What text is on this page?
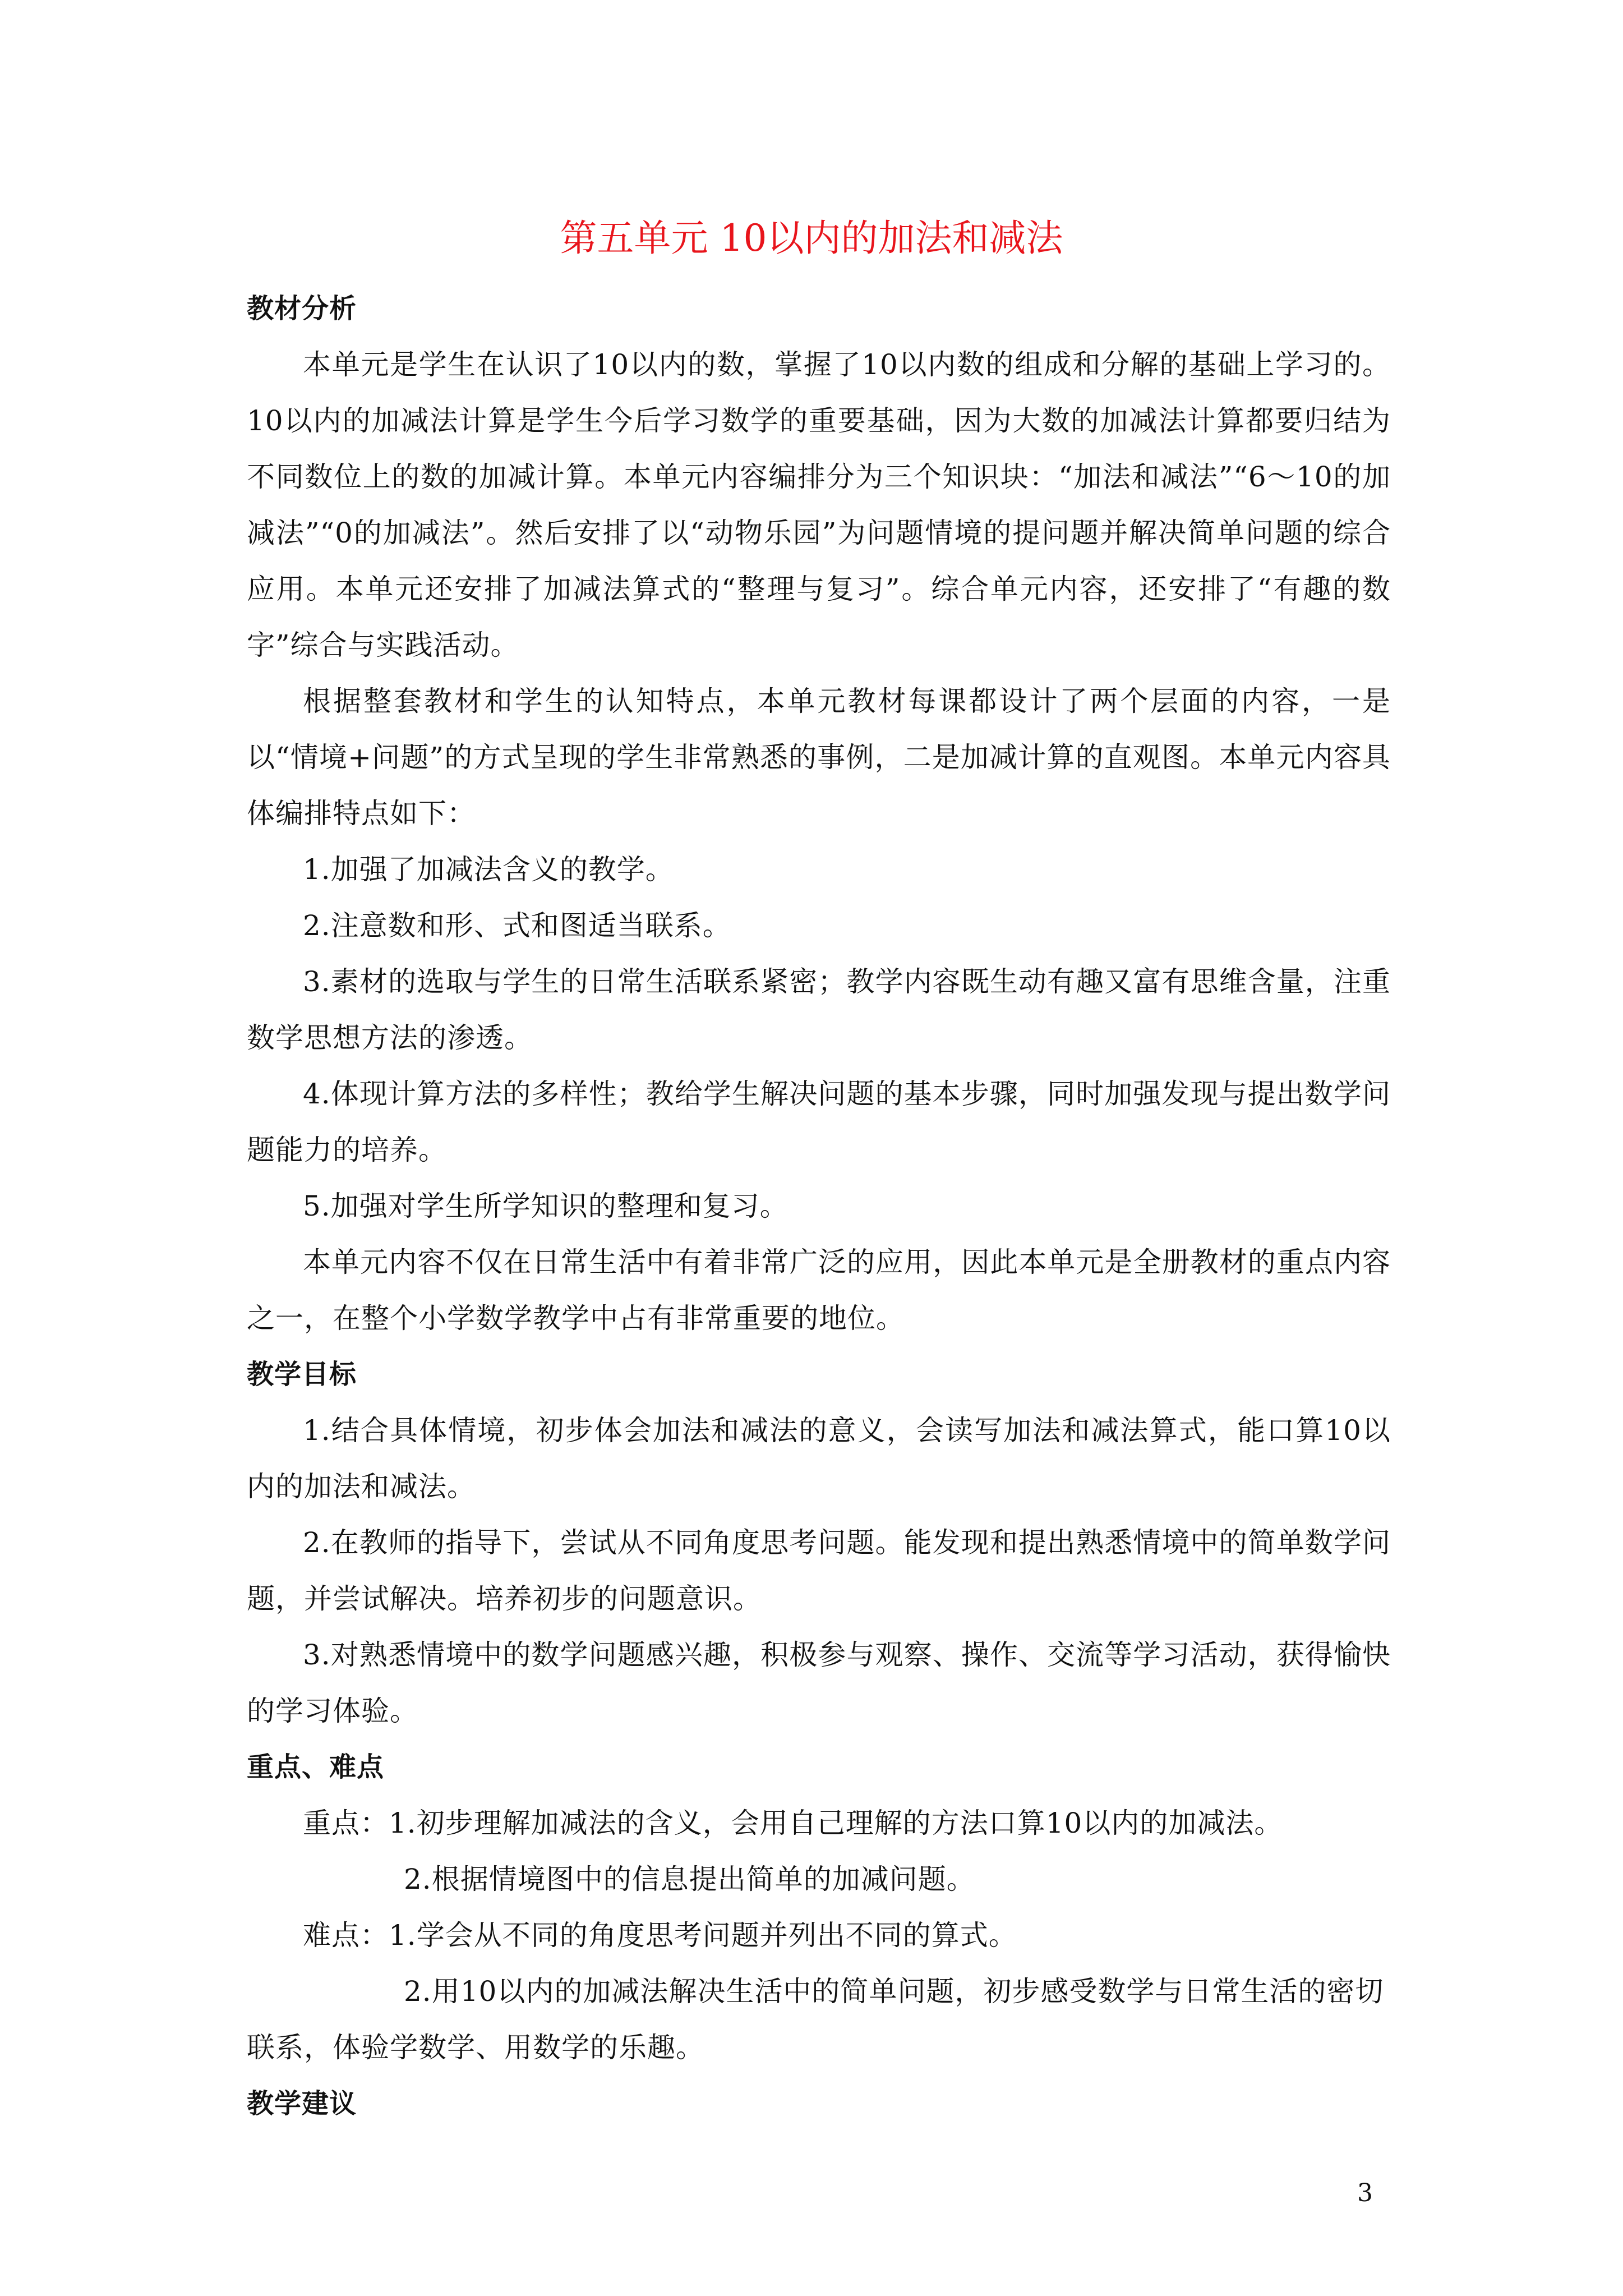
第五单元 10以内的加法和减法
教材分析
本单元是学生在认识了10以内的数，掌握了10以内数的组成和分解的基础上学习的。10以内的加减法计算是学生今后学习数学的重要基础，因为大数的加减法计算都要归结为不同数位上的数的加减计算。本单元内容编排分为三个知识块：“加法和减法”“6～10的加减法”“0的加减法”。然后安排了以“动物乐园”为问题情境的提问题并解决简单问题的综合应用。本单元还安排了加减法算式的“整理与复习”。综合单元内容，还安排了“有趣的数字”综合与实践活动。
根据整套教材和学生的认知特点，本单元教材每课都设计了两个层面的内容，一是以“情境+问题”的方式呈现的学生非常熟悉的事例，二是加减计算的直观图。本单元内容具体编排特点如下：
1.加强了加减法含义的教学。
2.注意数和形、式和图适当联系。
3.素材的选取与学生的日常生活联系紧密；教学内容既生动有趣又富有思维含量，注重数学思想方法的渗透。
4.体现计算方法的多样性；教给学生解决问题的基本步骤，同时加强发现与提出数学问题能力的培养。
5.加强对学生所学知识的整理和复习。
本单元内容不仅在日常生活中有着非常广泛的应用，因此本单元是全册教材的重点内容之一，在整个小学数学教学中占有非常重要的地位。
教学目标
1.结合具体情境，初步体会加法和减法的意义，会读写加法和减法算式，能口算10以内的加法和减法。
2.在教师的指导下，尝试从不同角度思考问题。能发现和提出熟悉情境中的简单数学问题，并尝试解决。培养初步的问题意识。
3.对熟悉情境中的数学问题感兴趣，积极参与观察、操作、交流等学习活动，获得愉快的学习体验。
重点、难点
重点：1.初步理解加减法的含义，会用自己理解的方法口算10以内的加减法。
2.根据情境图中的信息提出简单的加减问题。
难点：1.学会从不同的角度思考问题并列出不同的算式。
2.用10以内的加减法解决生活中的简单问题，初步感受数学与日常生活的密切
联系，体验学数学、用数学的乐趣。
教学建议
3
